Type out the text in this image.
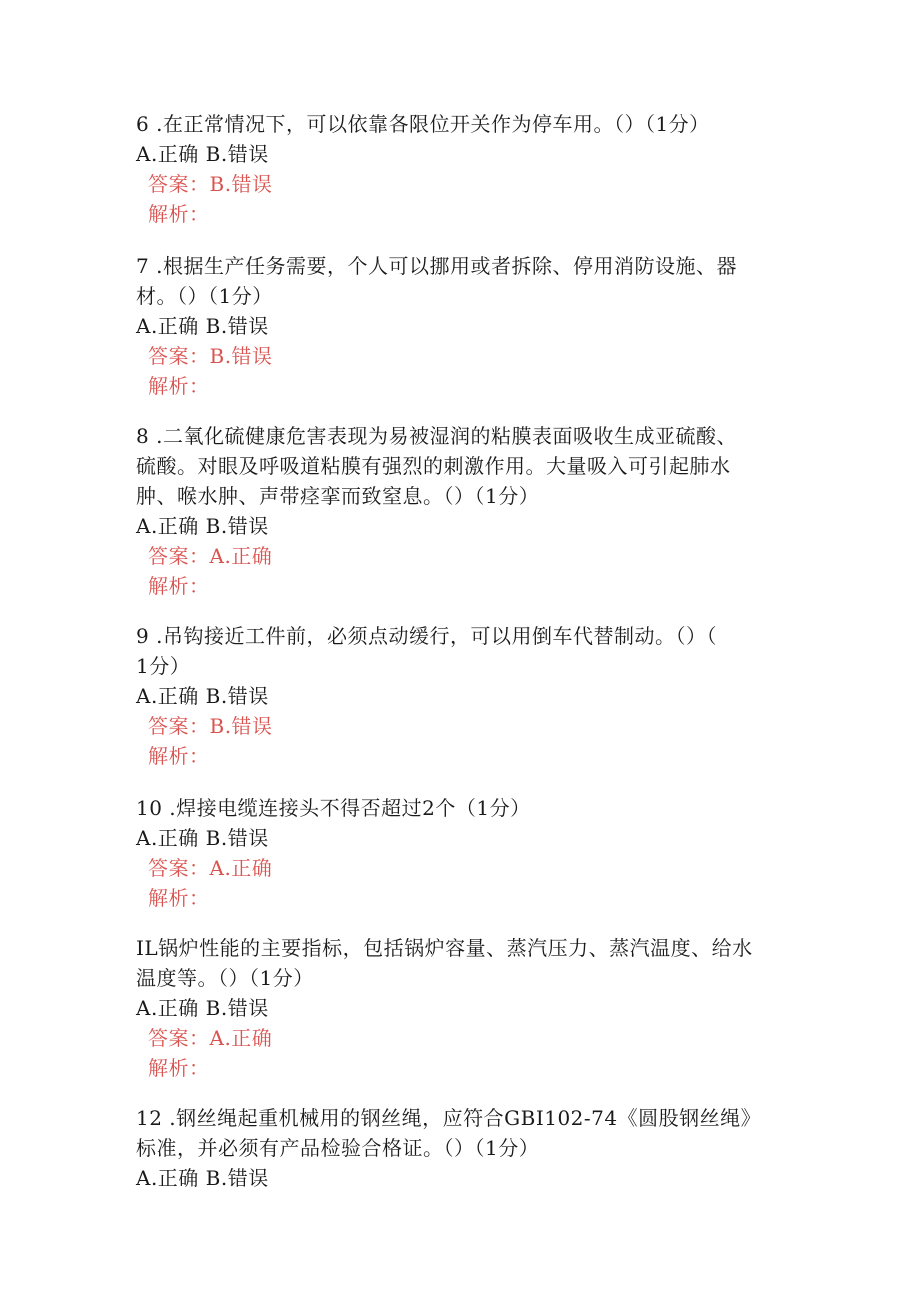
6 .在正常情况下，可以依靠各限位开关作为停车用。（）（1分）
A.正确 B.错误
答案：B.错误
解析：
7 .根据生产任务需要，个人可以挪用或者拆除、停用消防设施、器
材。（）（1分）
A.正确 B.错误
答案：B.错误
解析：
8 .二氧化硫健康危害表现为易被湿润的粘膜表面吸收生成亚硫酸、
硫酸。对眼及呼吸道粘膜有强烈的刺激作用。大量吸入可引起肺水
肿、喉水肿、声带痉挛而致窒息。（）（1分）
A.正确 B.错误
答案：A.正确
解析：
9 .吊钩接近工件前，必须点动缓行，可以用倒车代替制动。（）（
1分）
A.正确 B.错误
答案：B.错误
解析：
10 .焊接电缆连接头不得否超过2个（1分）
A.正确 B.错误
答案：A.正确
解析：
IL锅炉性能的主要指标，包括锅炉容量、蒸汽压力、蒸汽温度、给水
温度等。（）（1分）
A.正确 B.错误
答案：A.正确
解析：
12 .钢丝绳起重机械用的钢丝绳，应符合GBI102-74《圆股钢丝绳》
标准，并必须有产品检验合格证。（）（1分）
A.正确 B.错误
